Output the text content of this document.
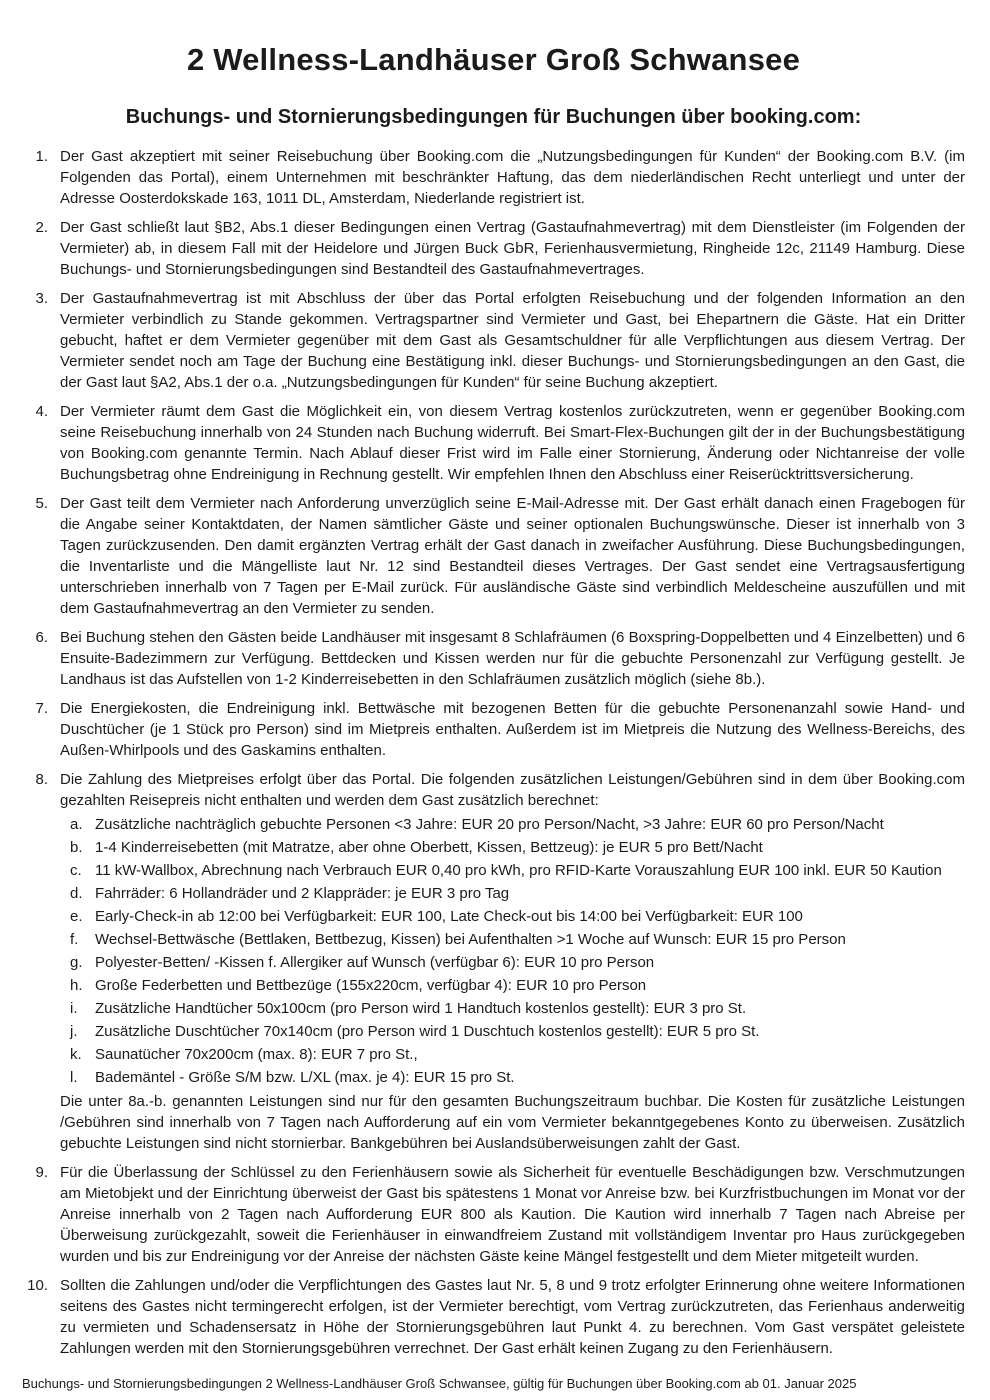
2 Wellness-Landhäuser Groß Schwansee
Buchungs- und Stornierungsbedingungen für Buchungen über booking.com:
1. Der Gast akzeptiert mit seiner Reisebuchung über Booking.com die „Nutzungsbedingungen für Kunden“ der Booking.com B.V. (im Folgenden das Portal), einem Unternehmen mit beschränkter Haftung, das dem niederländischen Recht unterliegt und unter der Adresse Oosterdokskade 163, 1011 DL, Amsterdam, Niederlande registriert ist.
2. Der Gast schließt laut §B2, Abs.1 dieser Bedingungen einen Vertrag (Gastaufnahmevertrag) mit dem Dienstleister (im Folgenden der Vermieter) ab, in diesem Fall mit der Heidelore und Jürgen Buck GbR, Ferienhausvermietung, Ringheide 12c, 21149 Hamburg. Diese Buchungs- und Stornierungsbedingungen sind Bestandteil des Gastaufnahmevertrages.
3. Der Gastaufnahmevertrag ist mit Abschluss der über das Portal erfolgten Reisebuchung und der folgenden Information an den Vermieter verbindlich zu Stande gekommen. Vertragspartner sind Vermieter und Gast, bei Ehepartnern die Gäste. Hat ein Dritter gebucht, haftet er dem Vermieter gegenüber mit dem Gast als Gesamtschuldner für alle Verpflichtungen aus diesem Vertrag. Der Vermieter sendet noch am Tage der Buchung eine Bestätigung inkl. dieser Buchungs- und Stornierungsbedingungen an den Gast, die der Gast laut §A2, Abs.1 der o.a. „Nutzungsbedingungen für Kunden“ für seine Buchung akzeptiert.
4. Der Vermieter räumt dem Gast die Möglichkeit ein, von diesem Vertrag kostenlos zurückzutreten, wenn er gegenüber Booking.com seine Reisebuchung innerhalb von 24 Stunden nach Buchung widerruft. Bei Smart-Flex-Buchungen gilt der in der Buchungsbestätigung von Booking.com genannte Termin. Nach Ablauf dieser Frist wird im Falle einer Stornierung, Änderung oder Nichtanreise der volle Buchungsbetrag ohne Endreinigung in Rechnung gestellt. Wir empfehlen Ihnen den Abschluss einer Reiserücktrittsversicherung.
5. Der Gast teilt dem Vermieter nach Anforderung unverzüglich seine E-Mail-Adresse mit. Der Gast erhält danach einen Fragebogen für die Angabe seiner Kontaktdaten, der Namen sämtlicher Gäste und seiner optionalen Buchungswünsche. Dieser ist innerhalb von 3 Tagen zurückzusenden. Den damit ergänzten Vertrag erhält der Gast danach in zweifacher Ausführung. Diese Buchungsbedingungen, die Inventarliste und die Mängelliste laut Nr. 12 sind Bestandteil dieses Vertrages. Der Gast sendet eine Vertragsausfertigung unterschrieben innerhalb von 7 Tagen per E-Mail zurück. Für ausländische Gäste sind verbindlich Meldescheine auszufüllen und mit dem Gastaufnahmevertrag an den Vermieter zu senden.
6. Bei Buchung stehen den Gästen beide Landhäuser mit insgesamt 8 Schlafräumen (6 Boxspring-Doppelbetten und 4 Einzelbetten) und 6 Ensuite-Badezimmern zur Verfügung. Bettdecken und Kissen werden nur für die gebuchte Personenzahl zur Verfügung gestellt. Je Landhaus ist das Aufstellen von 1-2 Kinderreisebetten in den Schlafräumen zusätzlich möglich (siehe 8b.).
7. Die Energiekosten, die Endreinigung inkl. Bettwäsche mit bezogenen Betten für die gebuchte Personenanzahl sowie Hand- und Duschtücher (je 1 Stück pro Person) sind im Mietpreis enthalten. Außerdem ist im Mietpreis die Nutzung des Wellness-Bereichs, des Außen-Whirlpools und des Gaskamins enthalten.
8. Die Zahlung des Mietpreises erfolgt über das Portal. Die folgenden zusätzlichen Leistungen/Gebühren sind in dem über Booking.com gezahlten Reisepreis nicht enthalten und werden dem Gast zusätzlich berechnet:
a. Zusätzliche nachträglich gebuchte Personen <3 Jahre: EUR 20 pro Person/Nacht, >3 Jahre: EUR 60 pro Person/Nacht
b. 1-4 Kinderreisebetten (mit Matratze, aber ohne Oberbett, Kissen, Bettzeug): je EUR 5 pro Bett/Nacht
c. 11 kW-Wallbox, Abrechnung nach Verbrauch EUR 0,40 pro kWh, pro RFID-Karte Vorauszahlung EUR 100 inkl. EUR 50 Kaution
d. Fahrräder: 6 Hollandräder und 2 Klappräder: je EUR 3 pro Tag
e. Early-Check-in ab 12:00 bei Verfügbarkeit: EUR 100, Late Check-out bis 14:00 bei Verfügbarkeit: EUR 100
f.	Wechsel-Bettwäsche (Bettlaken, Bettbezug, Kissen) bei Aufenthalten >1 Woche auf Wunsch: EUR 15 pro Person
g. Polyester-Betten/ -Kissen f. Allergiker auf Wunsch (verfügbar 6): EUR 10 pro Person
h. Große Federbetten und Bettbezüge (155x220cm, verfügbar 4): EUR 10 pro Person
i.	Zusätzliche Handtücher 50x100cm (pro Person wird 1 Handtuch kostenlos gestellt): EUR 3 pro St.
j.	Zusätzliche Duschtücher 70x140cm (pro Person wird 1 Duschtuch kostenlos gestellt): EUR 5 pro St.
k. Saunatücher 70x200cm (max. 8): EUR 7 pro St.,
l.	Bademäntel - Größe S/M bzw. L/XL (max. je 4): EUR 15 pro St.
Die unter 8a.-b. genannten Leistungen sind nur für den gesamten Buchungszeitraum buchbar. Die Kosten für zusätzliche Leistungen /Gebühren sind innerhalb von 7 Tagen nach Aufforderung auf ein vom Vermieter bekanntgegebenes Konto zu überweisen. Zusätzlich gebuchte Leistungen sind nicht stornierbar. Bankgebühren bei Auslandsüberweisungen zahlt der Gast.
9. Für die Überlassung der Schlüssel zu den Ferienhäusern sowie als Sicherheit für eventuelle Beschädigungen bzw. Verschmutzungen am Mietobjekt und der Einrichtung überweist der Gast bis spätestens 1 Monat vor Anreise bzw. bei Kurzfristbuchungen im Monat vor der Anreise innerhalb von 2 Tagen nach Aufforderung EUR 800 als Kaution. Die Kaution wird innerhalb 7 Tagen nach Abreise per Überweisung zurückgezahlt, soweit die Ferienhäuser in einwandfreiem Zustand mit vollständigem Inventar pro Haus zurückgegeben wurden und bis zur Endreinigung vor der Anreise der nächsten Gäste keine Mängel festgestellt und dem Mieter mitgeteilt wurden.
10. Sollten die Zahlungen und/oder die Verpflichtungen des Gastes laut Nr. 5, 8 und 9 trotz erfolgter Erinnerung ohne weitere Informationen seitens des Gastes nicht termingerecht erfolgen, ist der Vermieter berechtigt, vom Vertrag zurückzutreten, das Ferienhaus anderweitig zu vermieten und Schadensersatz in Höhe der Stornierungsgebühren laut Punkt 4. zu berechnen. Vom Gast verspätet geleistete Zahlungen werden mit den Stornierungsgebühren verrechnet. Der Gast erhält keinen Zugang zu den Ferienhäusern.
Buchungs- und Stornierungsbedingungen 2 Wellness-Landhäuser Groß Schwansee, gültig für Buchungen über Booking.com ab 01. Januar 2025
